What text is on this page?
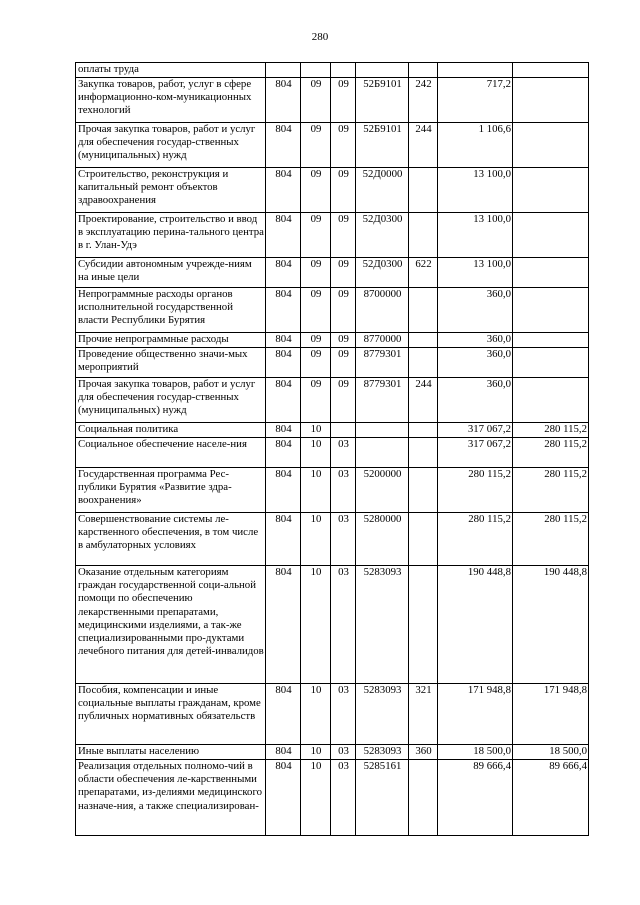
280
оплаты труда							
Закупка товаров, работ, услуг в сфере информационно-ком-муникационных технологий	804	09	09	52Б9101	242	717,2	
Прочая закупка товаров, работ и услуг для обеспечения государ-ственных (муниципальных) нужд	804	09	09	52Б9101	244	1 106,6	
Строительство, реконструкция и капитальный ремонт объектов здравоохранения	804	09	09	52Д0000		13 100,0	
Проектирование, строительство и ввод в эксплуатацию перина-тального центра в г. Улан-Удэ	804	09	09	52Д0300		13 100,0	
Субсидии автономным учрежде-ниям на иные цели	804	09	09	52Д0300	622	13 100,0	
Непрограммные расходы органов исполнительной государственной власти Республики Бурятия	804	09	09	8700000		360,0	
Прочие непрограммные расходы	804	09	09	8770000		360,0	
Проведение общественно значи-мых мероприятий	804	09	09	8779301		360,0	
Прочая закупка товаров, работ и услуг для обеспечения государ-ственных (муниципальных) нужд	804	09	09	8779301	244	360,0	
Социальная политика	804	10				317 067,2	280 115,2
Социальное обеспечение населе-ния	804	10	03			317 067,2	280 115,2
Государственная программа Рес-публики Бурятия «Развитие здра-воохранения»	804	10	03	5200000		280 115,2	280 115,2
Совершенствование системы ле-карственного обеспечения, в том числе в амбулаторных условиях	804	10	03	5280000		280 115,2	280 115,2
Оказание отдельным категориям граждан государственной соци-альной помощи по обеспечению лекарственными препаратами, медицинскими изделиями, а так-же специализированными про-дуктами лечебного питания для детей-инвалидов	804	10	03	5283093		190 448,8	190 448,8
Пособия, компенсации и иные социальные выплаты гражданам, кроме публичных нормативных обязательств	804	10	03	5283093	321	171 948,8	171 948,8
Иные выплаты населению	804	10	03	5283093	360	18 500,0	18 500,0
Реализация отдельных полномо-чий в области обеспечения ле-карственными препаратами, из-делиями медицинского назначе-ния, а также специализирован-	804	10	03	5285161		89 666,4	89 666,4
